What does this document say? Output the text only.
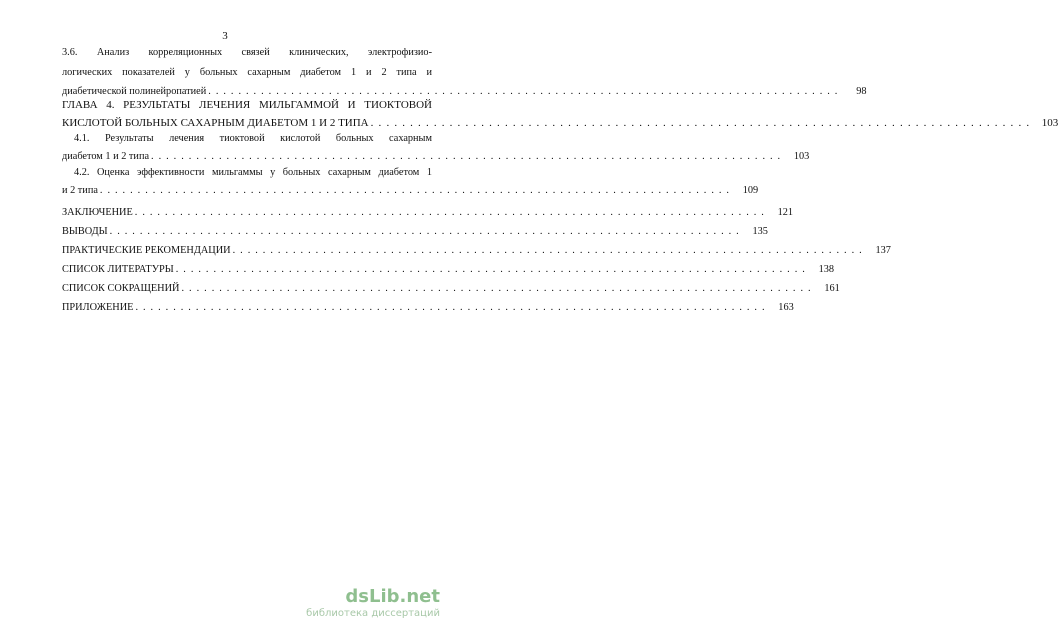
3
3.6. Анализ корреляционных связей клинических, электрофизио-
логических показателей у больных сахарным диабетом 1 и 2 типа и
диабетической полинейропатией . . . . . . . . . . . . . . . . . . . . . . . . . . . . . . . . . . . . . . . . . . . . . . . . . . . . . . . . . . . . . . . . . . . . . . . . . . . . . . . . . . . .	98
ГЛАВА 4. РЕЗУЛЬТАТЫ ЛЕЧЕНИЯ МИЛЬГАММОЙ И ТИОКТОВОЙ
КИСЛОТОЙ БОЛЬНЫХ САХАРНЫМ ДИАБЕТОМ 1 И 2 ТИПА . . . . . . . . . . . . . . . . . . . . . . . . . . . . . . . . . . . . . . . . . . . . . . . . . . . . . . . . . . . . . . . . . . . . . . . . . . . . . . . . . . . .	103
4.1. Результаты лечения тиоктовой кислотой больных сахарным
диабетом 1 и 2 типа . . . . . . . . . . . . . . . . . . . . . . . . . . . . . . . . . . . . . . . . . . . . . . . . . . . . . . . . . . . . . . . . . . . . . . . . . . . . . . . . . . . .	103
4.2. Оценка эффективности мильгаммы у больных сахарным диабетом 1
и 2 типа . . . . . . . . . . . . . . . . . . . . . . . . . . . . . . . . . . . . . . . . . . . . . . . . . . . . . . . . . . . . . . . . . . . . . . . . . . . . . . . . . . . .	109
ЗАКЛЮЧЕНИЕ . . . . . . . . . . . . . . . . . . . . . . . . . . . . . . . . . . . . . . . . . . . . . . . . . . . . . . . . . . . . . . . . . . . . . . . . . . . . . . . . . . . .	121
ВЫВОДЫ . . . . . . . . . . . . . . . . . . . . . . . . . . . . . . . . . . . . . . . . . . . . . . . . . . . . . . . . . . . . . . . . . . . . . . . . . . . . . . . . . . . .	135
ПРАКТИЧЕСКИЕ РЕКОМЕНДАЦИИ . . . . . . . . . . . . . . . . . . . . . . . . . . . . . . . . . . . . . . . . . . . . . . . . . . . . . . . . . . . . . . . . . . . . . . . . . . . . . . . . . . . .	137
СПИСОК ЛИТЕРАТУРЫ . . . . . . . . . . . . . . . . . . . . . . . . . . . . . . . . . . . . . . . . . . . . . . . . . . . . . . . . . . . . . . . . . . . . . . . . . . . . . . . . . . . .	138
СПИСОК СОКРАЩЕНИЙ . . . . . . . . . . . . . . . . . . . . . . . . . . . . . . . . . . . . . . . . . . . . . . . . . . . . . . . . . . . . . . . . . . . . . . . . . . . . . . . . . . . .	161
ПРИЛОЖЕНИЕ . . . . . . . . . . . . . . . . . . . . . . . . . . . . . . . . . . . . . . . . . . . . . . . . . . . . . . . . . . . . . . . . . . . . . . . . . . . . . . . . . . . .	163
dsLib.net
библиотека диссертаций
